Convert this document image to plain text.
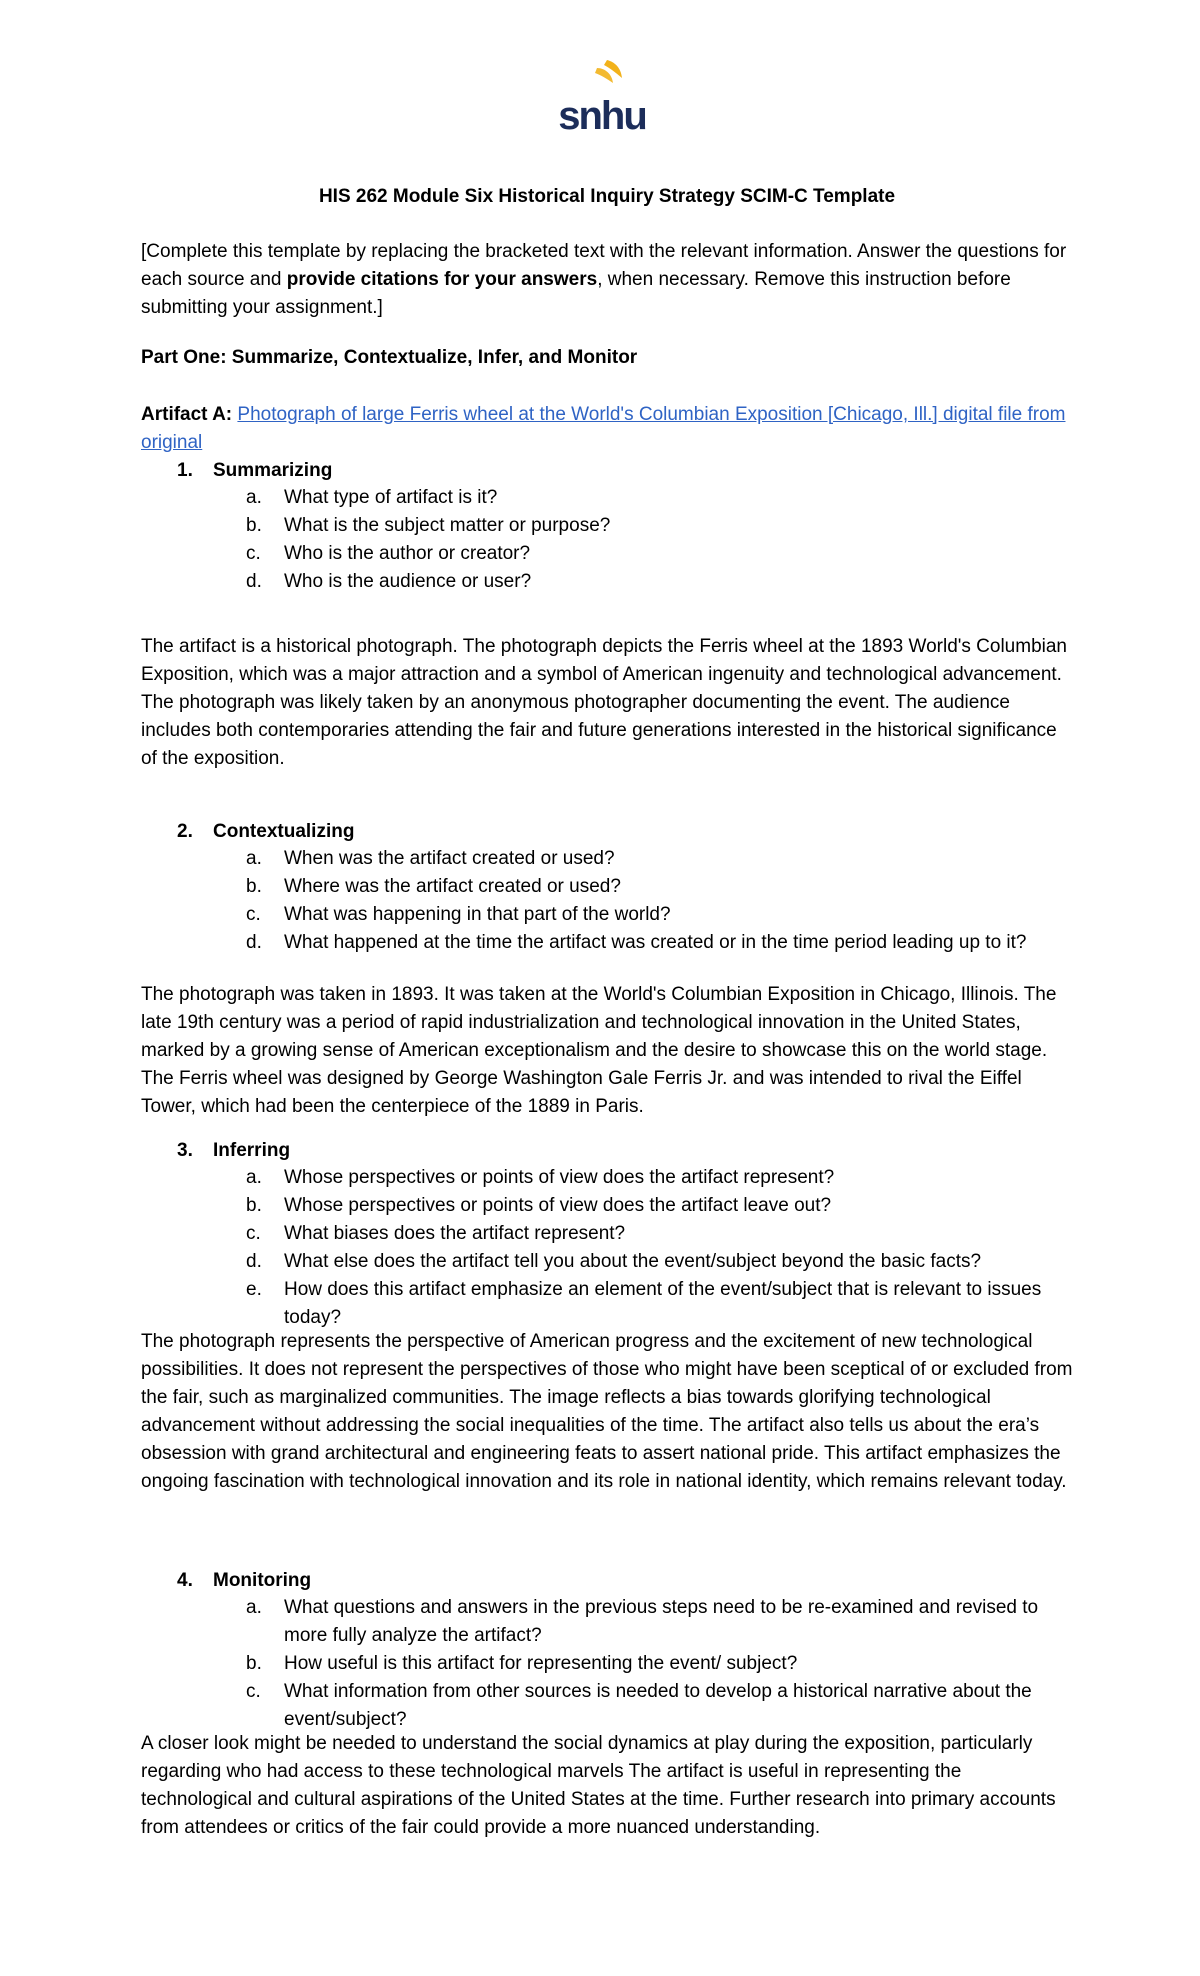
snhu
HIS 262 Module Six Historical Inquiry Strategy SCIM-C Template

[Complete this template by replacing the bracketed text with the relevant information. Answer the questions for each source and provide citations for your answers, when necessary. Remove this instruction before submitting your assignment.]

Part One: Summarize, Contextualize, Infer, and Monitor

Artifact A: Photograph of large Ferris wheel at the World's Columbian Exposition [Chicago, Ill.] digital file from original

1. Summarizing
a. What type of artifact is it?
b. What is the subject matter or purpose?
c. Who is the author or creator?
d. Who is the audience or user?

The artifact is a historical photograph. The photograph depicts the Ferris wheel at the 1893 World's Columbian Exposition, which was a major attraction and a symbol of American ingenuity and technological advancement. The photograph was likely taken by an anonymous photographer documenting the event. The audience includes both contemporaries attending the fair and future generations interested in the historical significance of the exposition.

2. Contextualizing
a. When was the artifact created or used?
b. Where was the artifact created or used?
c. What was happening in that part of the world?
d. What happened at the time the artifact was created or in the time period leading up to it?

The photograph was taken in 1893. It was taken at the World's Columbian Exposition in Chicago, Illinois. The late 19th century was a period of rapid industrialization and technological innovation in the United States, marked by a growing sense of American exceptionalism and the desire to showcase this on the world stage. The Ferris wheel was designed by George Washington Gale Ferris Jr. and was intended to rival the Eiffel Tower, which had been the centerpiece of the 1889 in Paris.

3. Inferring
a. Whose perspectives or points of view does the artifact represent?
b. Whose perspectives or points of view does the artifact leave out?
c. What biases does the artifact represent?
d. What else does the artifact tell you about the event/subject beyond the basic facts?
e. How does this artifact emphasize an element of the event/subject that is relevant to issues today?

The photograph represents the perspective of American progress and the excitement of new technological possibilities. It does not represent the perspectives of those who might have been sceptical of or excluded from the fair, such as marginalized communities. The image reflects a bias towards glorifying technological advancement without addressing the social inequalities of the time. The artifact also tells us about the era’s obsession with grand architectural and engineering feats to assert national pride. This artifact emphasizes the ongoing fascination with technological innovation and its role in national identity, which remains relevant today.

4. Monitoring
a. What questions and answers in the previous steps need to be re-examined and revised to more fully analyze the artifact?
b. How useful is this artifact for representing the event/ subject?
c. What information from other sources is needed to develop a historical narrative about the event/subject?

A closer look might be needed to understand the social dynamics at play during the exposition, particularly regarding who had access to these technological marvels The artifact is useful in representing the technological and cultural aspirations of the United States at the time. Further research into primary accounts from attendees or critics of the fair could provide a more nuanced understanding.
